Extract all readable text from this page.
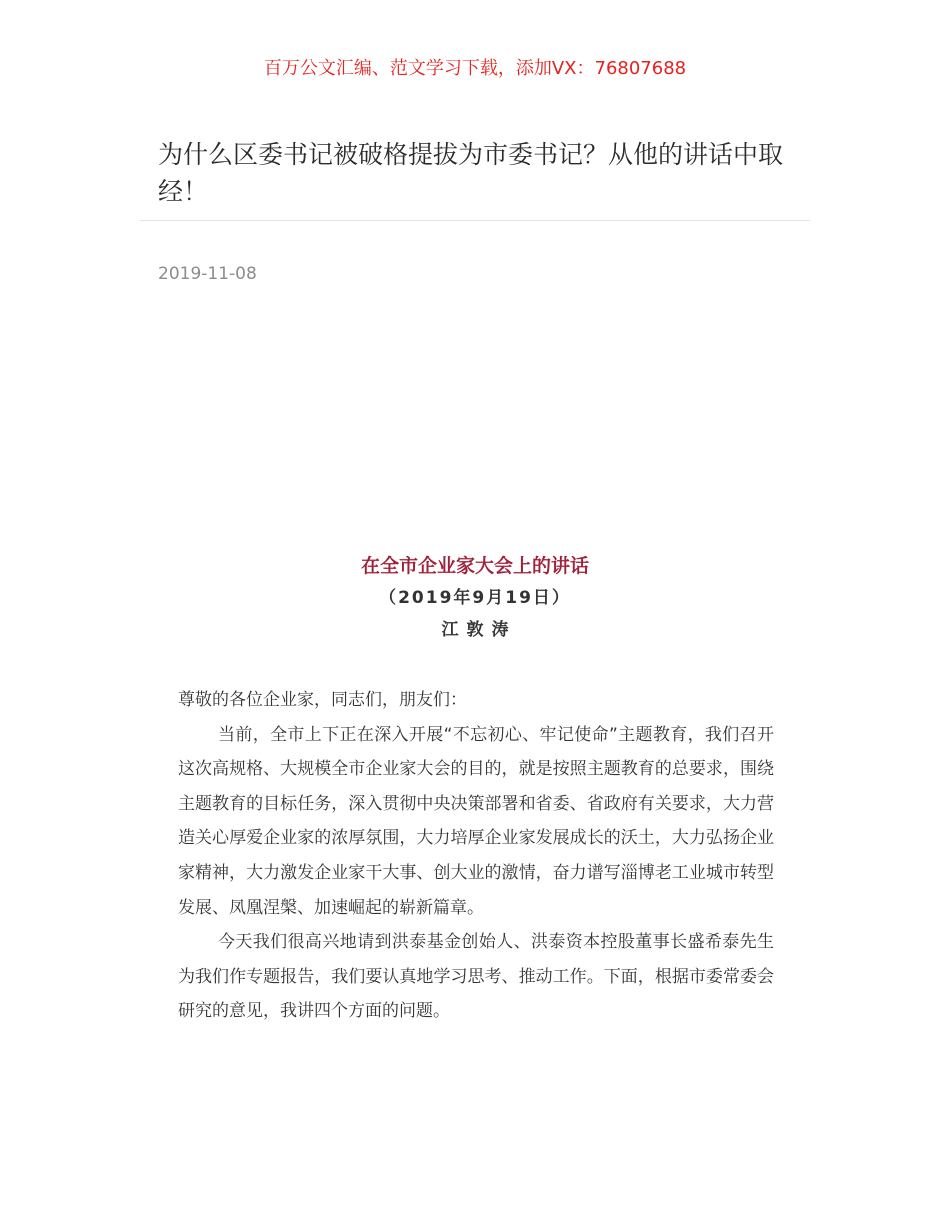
百万公文汇编、范文学习下载，添加VX：76807688
为什么区委书记被破格提拔为市委书记？从他的讲话中取经！
2019-11-08
在全市企业家大会上的讲话
（2019年9月19日）
江敦涛

尊敬的各位企业家，同志们，朋友们：

当前，全市上下正在深入开展“不忘初心、牢记使命”主题教育，我们召开这次高规格、大规模全市企业家大会的目的，就是按照主题教育的总要求，围绕主题教育的目标任务，深入贯彻中央决策部署和省委、省政府有关要求，大力营造关心厚爱企业家的浓厚氛围，大力培厚企业家发展成长的沃土，大力弘扬企业家精神，大力激发企业家干大事、创大业的激情，奋力谱写淄博老工业城市转型发展、凤凰涅槃、加速崛起的崭新篇章。

今天我们很高兴地请到洪泰基金创始人、洪泰资本控股董事长盛希泰先生为我们作专题报告，我们要认真地学习思考、推动工作。下面，根据市委常委会研究的意见，我讲四个方面的问题。
